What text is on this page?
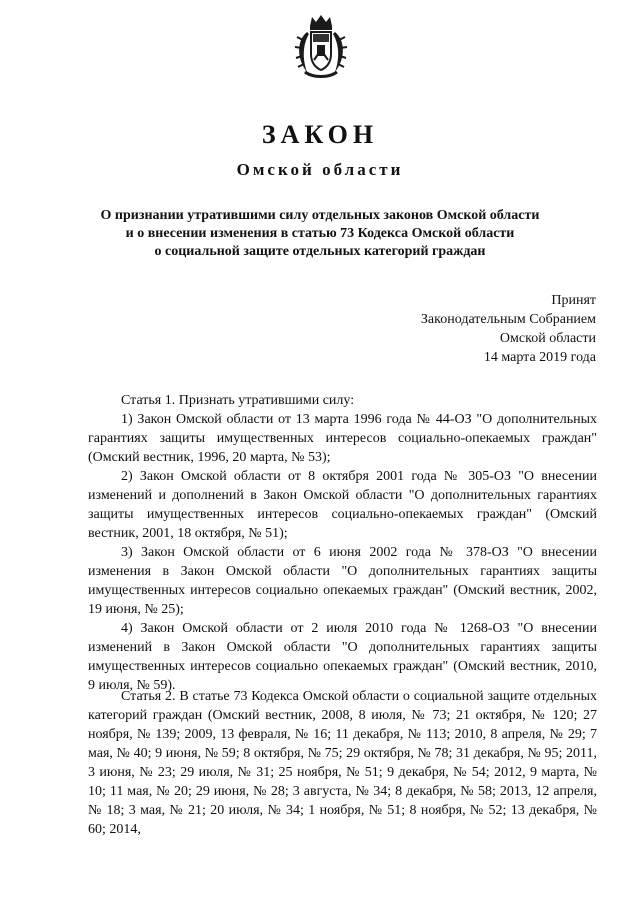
ЗАКОН
Омской области
О признании утратившими силу отдельных законов Омской области
и о внесении изменения в статью 73 Кодекса Омской области
о социальной защите отдельных категорий граждан
Принят
Законодательным Собранием
Омской области
14 марта 2019 года

Статья 1. Признать утратившими силу:

1) Закон Омской области от 13 марта 1996 года № 44-ОЗ "О дополнительных гарантиях защиты имущественных интересов социально-опекаемых граждан" (Омский вестник, 1996, 20 марта, № 53);

2) Закон Омской области от 8 октября 2001 года № 305-ОЗ "О внесении изменений и дополнений в Закон Омской области "О дополнительных гарантиях защиты имущественных интересов социально-опекаемых граждан" (Омский вестник, 2001, 18 октября, № 51);

3) Закон Омской области от 6 июня 2002 года № 378-ОЗ "О внесении изменения в Закон Омской области "О дополнительных гарантиях защиты имущественных интересов социально опекаемых граждан" (Омский вестник, 2002, 19 июня, № 25);

4) Закон Омской области от 2 июля 2010 года № 1268-ОЗ "О внесении изменений в Закон Омской области "О дополнительных гарантиях защиты имущественных интересов социально опекаемых граждан" (Омский вестник, 2010, 9 июля, № 59).

Статья 2. В статье 73 Кодекса Омской области о социальной защите отдельных категорий граждан (Омский вестник, 2008, 8 июля, № 73; 21 октября, № 120; 27 ноября, № 139; 2009, 13 февраля, № 16; 11 декабря, № 113; 2010, 8 апреля, № 29; 7 мая, № 40; 9 июня, № 59; 8 октября, № 75; 29 октября, № 78; 31 декабря, № 95; 2011, 3 июня, № 23; 29 июля, № 31; 25 ноября, № 51; 9 декабря, № 54; 2012, 9 марта, № 10; 11 мая, № 20; 29 июня, № 28; 3 августа, № 34; 8 декабря, № 58; 2013, 12 апреля, № 18; 3 мая, № 21; 20 июля, № 34; 1 ноября, № 51; 8 ноября, № 52; 13 декабря, № 60; 2014,
